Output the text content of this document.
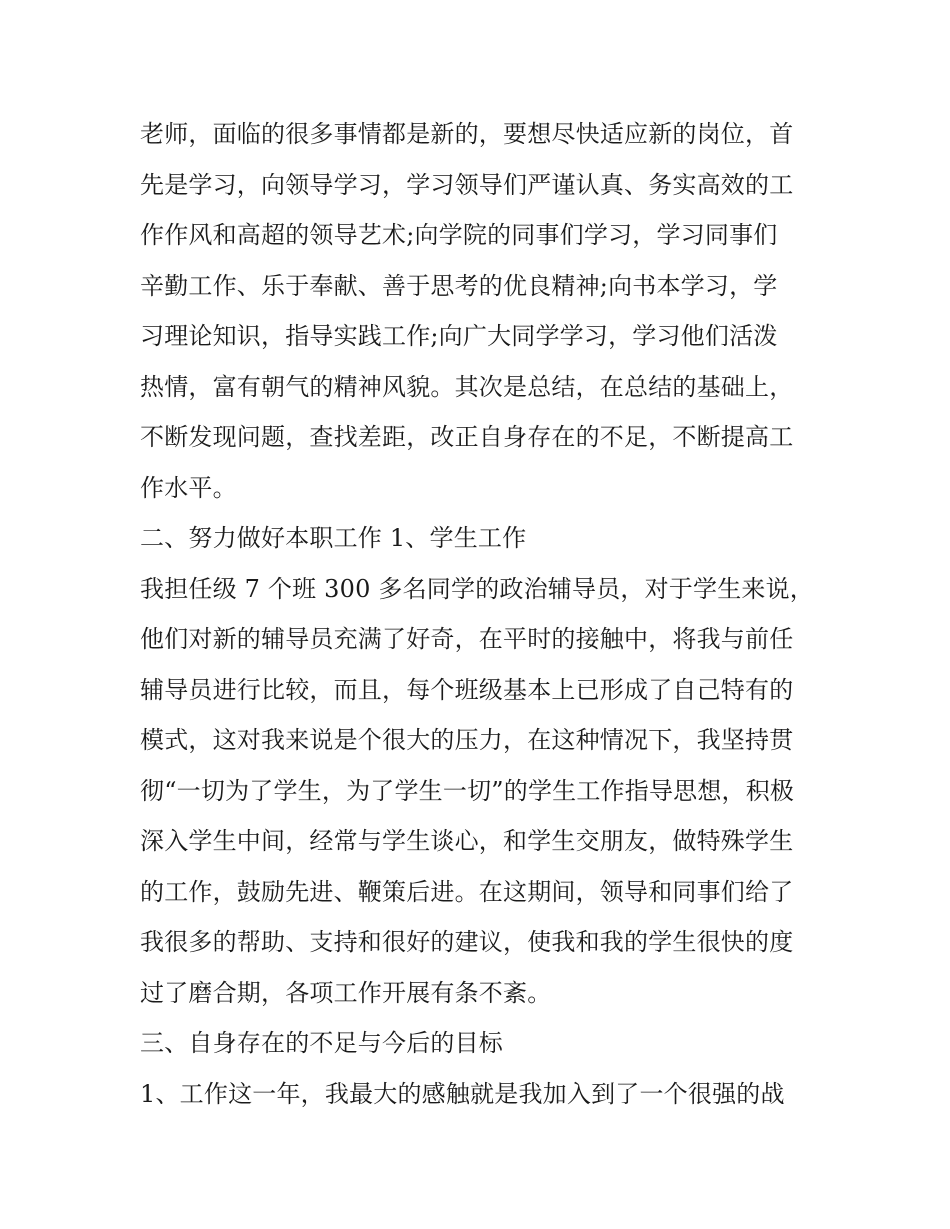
老师，面临的很多事情都是新的，要想尽快适应新的岗位，首
先是学习，向领导学习，学习领导们严谨认真、务实高效的工
作作风和高超的领导艺术;向学院的同事们学习，学习同事们
辛勤工作、乐于奉献、善于思考的优良精神;向书本学习，学
习理论知识，指导实践工作;向广大同学学习，学习他们活泼
热情，富有朝气的精神风貌。其次是总结，在总结的基础上，
不断发现问题，查找差距，改正自身存在的不足，不断提高工
作水平。
二、努力做好本职工作 1、学生工作
我担任级 7 个班 300 多名同学的政治辅导员，对于学生来说，
他们对新的辅导员充满了好奇，在平时的接触中，将我与前任
辅导员进行比较，而且，每个班级基本上已形成了自己特有的
模式，这对我来说是个很大的压力，在这种情况下，我坚持贯
彻“一切为了学生，为了学生一切”的学生工作指导思想，积极
深入学生中间，经常与学生谈心，和学生交朋友，做特殊学生
的工作，鼓励先进、鞭策后进。在这期间，领导和同事们给了
我很多的帮助、支持和很好的建议，使我和我的学生很快的度
过了磨合期，各项工作开展有条不紊。
三、自身存在的不足与今后的目标
1、工作这一年，我最大的感触就是我加入到了一个很强的战
